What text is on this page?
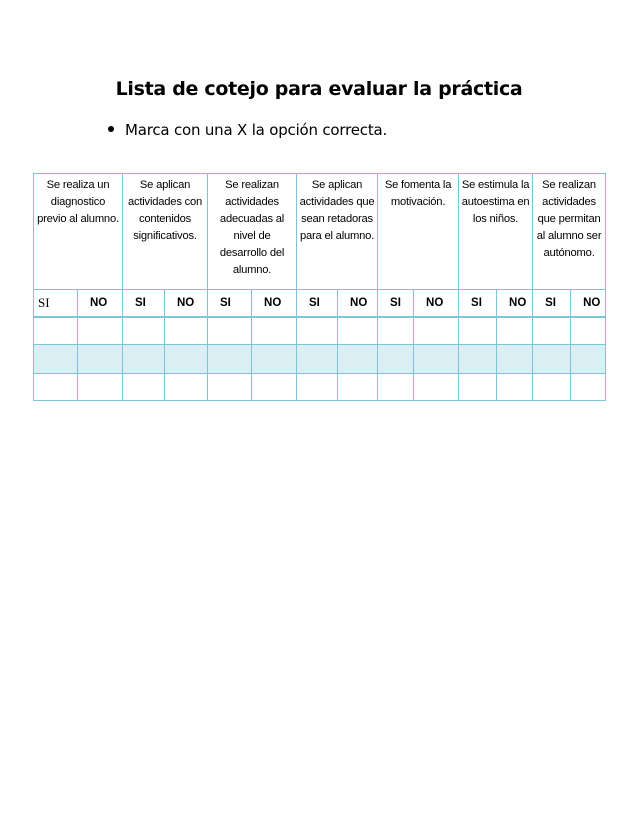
Lista de cotejo para evaluar la práctica
Marca con una X la opción correcta.
Se realiza un diagnostico previo al alumno.		Se aplican actividades con contenidos significativos.		Se realizan actividades adecuadas al nivel de desarrollo del alumno.		Se aplican actividades que sean retadoras para el alumno.		Se fomenta la motivación.		Se estimula la autoestima en los niños.		Se realizan actividades que permitan al alumno ser autónomo.	
SI	NO	SI	NO	SI	NO	SI	NO	SI	NO	SI	NO	SI	NO
